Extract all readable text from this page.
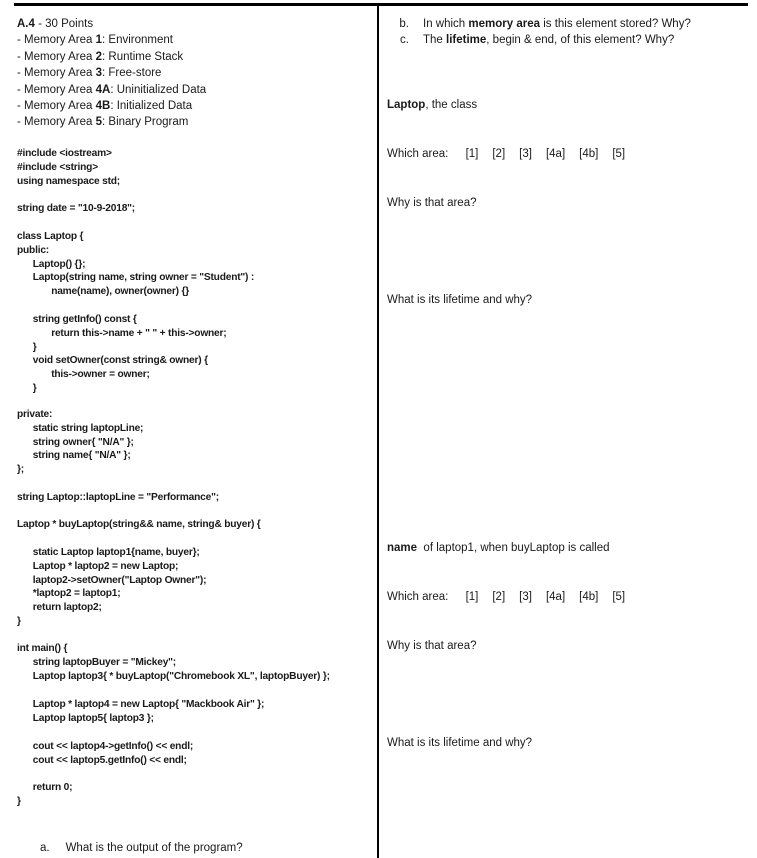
A.4 - 30 Points
- Memory Area 1: Environment
- Memory Area 2: Runtime Stack
- Memory Area 3: Free-store
- Memory Area 4A: Uninitialized Data
- Memory Area 4B: Initialized Data
- Memory Area 5: Binary Program
#include <iostream>
#include <string>
using namespace std;
string date = "10-9-2018";
class Laptop {
public:
Laptop() {};
Laptop(string name, string owner = "Student") :
name(name), owner(owner) {}
string getInfo() const {
return this->name + " " + this->owner;
}
void setOwner(const string& owner) {
this->owner = owner;
}
private:
static string laptopLine;
string owner{ "N/A" };
string name{ "N/A" };
};
string Laptop::laptopLine = "Performance";
Laptop * buyLaptop(string&& name, string& buyer) {
static Laptop laptop1{name, buyer};
Laptop * laptop2 = new Laptop;
laptop2->setOwner("Laptop Owner");
*laptop2 = laptop1;
return laptop2;
}
int main() {
string laptopBuyer = "Mickey";
Laptop laptop3{ * buyLaptop("Chromebook XL", laptopBuyer) };
Laptop * laptop4 = new Laptop{ "Mackbook Air" };
Laptop laptop5{ laptop3 };
cout << laptop4->getInfo() << endl;
cout << laptop5.getInfo() << endl;
return 0;
}
a. What is the output of the program?
b. In which memory area is this element stored? Why?
c. The lifetime, begin & end, of this element? Why?

Laptop, the class

Which area: [1] [2] [3] [4a] [4b] [5]

Why is that area?

What is its lifetime and why?

name  of laptop1, when buyLaptop is called

Which area: [1] [2] [3] [4a] [4b] [5]

Why is that area?

What is its lifetime and why?
